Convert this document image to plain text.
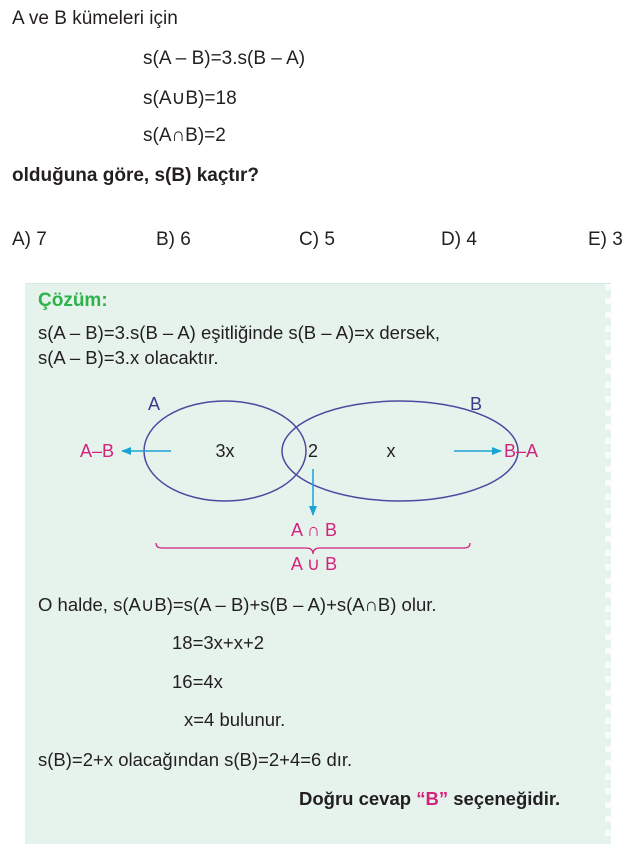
A ve B kümeleri için
s(A – B)=3.s(B – A)
s(A∪B)=18
s(A∩B)=2
olduğuna göre, s(B) kaçtır?
A) 7	B) 6	C) 5	D) 4	E) 3
Çözüm:
s(A – B)=3.s(B – A) eşitliğinde s(B – A)=x dersek,
s(A – B)=3.x olacaktır.
A	B
3x	2	x
A–B	B–A
A ∩ B
A ∪ B
O halde, s(A∪B)=s(A – B)+s(B – A)+s(A∩B) olur.
18=3x+x+2
16=4x
x=4 bulunur.
s(B)=2+x olacağından s(B)=2+4=6 dır.
Doğru cevap “B” seçeneğidir.
